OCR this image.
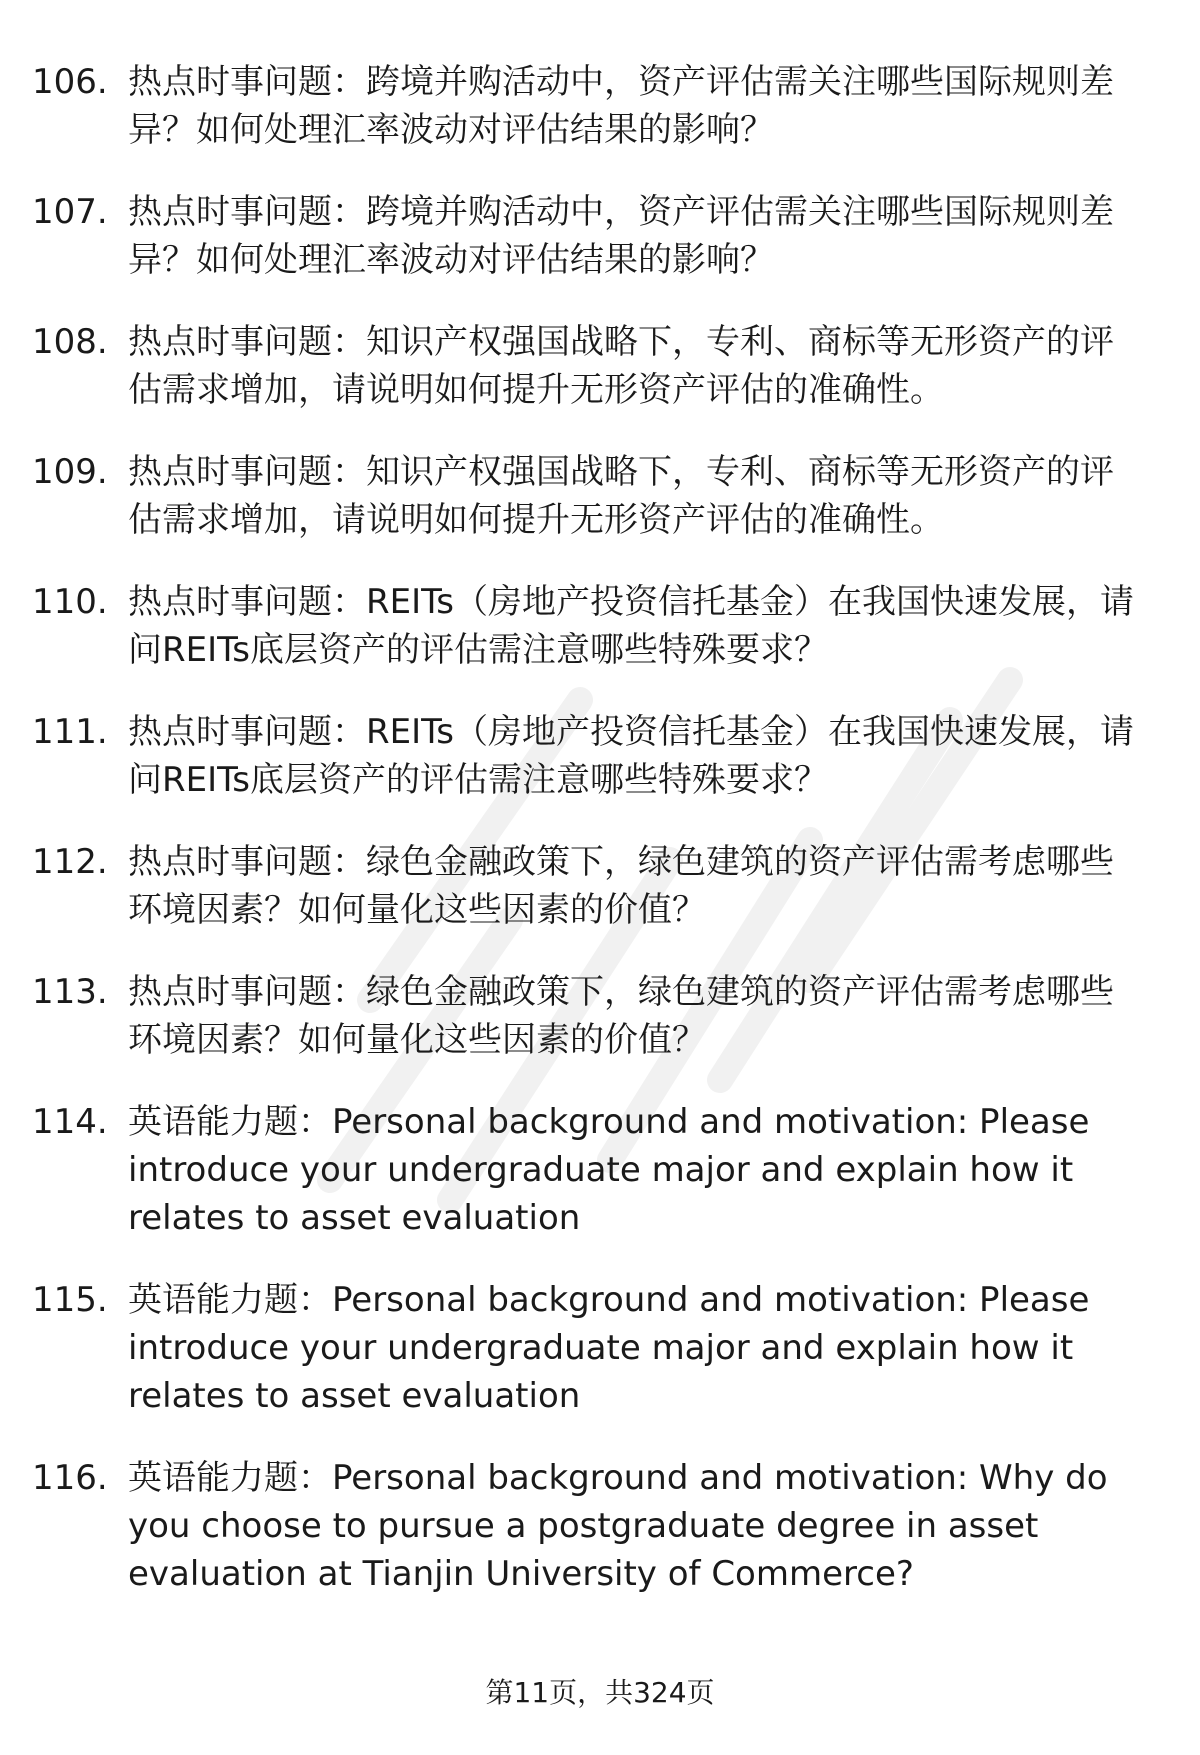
106. 热点时事问题：跨境并购活动中，资产评估需关注哪些国际规则差异？如何处理汇率波动对评估结果的影响？
107. 热点时事问题：跨境并购活动中，资产评估需关注哪些国际规则差异？如何处理汇率波动对评估结果的影响？
108. 热点时事问题：知识产权强国战略下，专利、商标等无形资产的评估需求增加，请说明如何提升无形资产评估的准确性。
109. 热点时事问题：知识产权强国战略下，专利、商标等无形资产的评估需求增加，请说明如何提升无形资产评估的准确性。
110. 热点时事问题：REITs（房地产投资信托基金）在我国快速发展，请问REITs底层资产的评估需注意哪些特殊要求？
111. 热点时事问题：REITs（房地产投资信托基金）在我国快速发展，请问REITs底层资产的评估需注意哪些特殊要求？
112. 热点时事问题：绿色金融政策下，绿色建筑的资产评估需考虑哪些环境因素？如何量化这些因素的价值？
113. 热点时事问题：绿色金融政策下，绿色建筑的资产评估需考虑哪些环境因素？如何量化这些因素的价值？
114. 英语能力题：Personal background and motivation: Please introduce your undergraduate major and explain how it relates to asset evaluation
115. 英语能力题：Personal background and motivation: Please introduce your undergraduate major and explain how it relates to asset evaluation
116. 英语能力题：Personal background and motivation: Why do you choose to pursue a postgraduate degree in asset evaluation at Tianjin University of Commerce?
第11页，共324页
